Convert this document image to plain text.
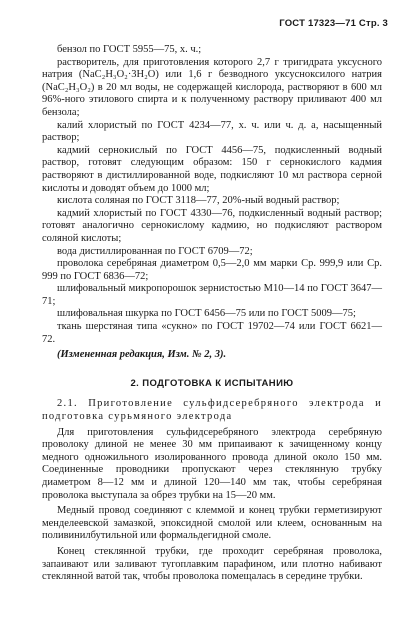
ГОСТ 17323—71 Стр. 3

бензол по ГОСТ 5955—75, х. ч.;

растворитель, для приготовления которого 2,7 г тригидрата уксусного натрия (NaC₂H₃O₂·3H₂O) или 1,6 г безводного уксусноксилого натрия (NaC₂H₃O₂) в 20 мл воды, не содержащей кислорода, растворяют в 600 мл 96%-ного этилового спирта и к полученному раствору приливают 400 мл бензола;

калий хлористый по ГОСТ 4234—77, х. ч. или ч. д. а, насыщенный раствор;

кадмий сернокислый по ГОСТ 4456—75, подкисленный водный раствор, готовят следующим образом: 150 г сернокислого кадмия растворяют в дистиллированной воде, подкисляют 10 мл раствора серной кислоты и доводят объем до 1000 мл;

кислота соляная по ГОСТ 3118—77, 20%-ный водный раствор;

кадмий хлористый по ГОСТ 4330—76, подкисленный водный раствор; готовят аналогично сернокислому кадмию, но подкисляют раствором соляной кислоты;

вода дистиллированная по ГОСТ 6709—72;

проволока серебряная диаметром 0,5—2,0 мм марки Ср. 999,9 или Ср. 999 по ГОСТ 6836—72;

шлифовальный микропорошок зернистостью М10—14 по ГОСТ 3647—71;

шлифовальная шкурка по ГОСТ 6456—75 или по ГОСТ 5009—75;

ткань шерстяная типа «сукно» по ГОСТ 19702—74 или ГОСТ 6621—72.

(Измененная редакция, Изм. № 2, 3).

2. ПОДГОТОВКА К ИСПЫТАНИЮ

2.1. Приготовление сульфидсеребряного электрода и подготовка сурьмяного электрода

Для приготовления сульфидсеребряного электрода серебряную проволоку длиной не менее 30 мм припаивают к зачищенному концу медного одножильного изолированного провода длиной около 150 мм. Соединенные проводники пропускают через стеклянную трубку диаметром 8—12 мм и длиной 120—140 мм так, чтобы серебряная проволока выступала за обрез трубки на 15—20 мм.

Медный провод соединяют с клеммой и конец трубки герметизируют менделеевской замазкой, эпоксидной смолой или клеем, основанным на поливинилбутильной или формальдегидной смоле.

Конец стеклянной трубки, где проходит серебряная проволока, запаивают или заливают тугоплавким парафином, или плотно набивают стеклянной ватой так, чтобы проволока помещалась в середине трубки.
